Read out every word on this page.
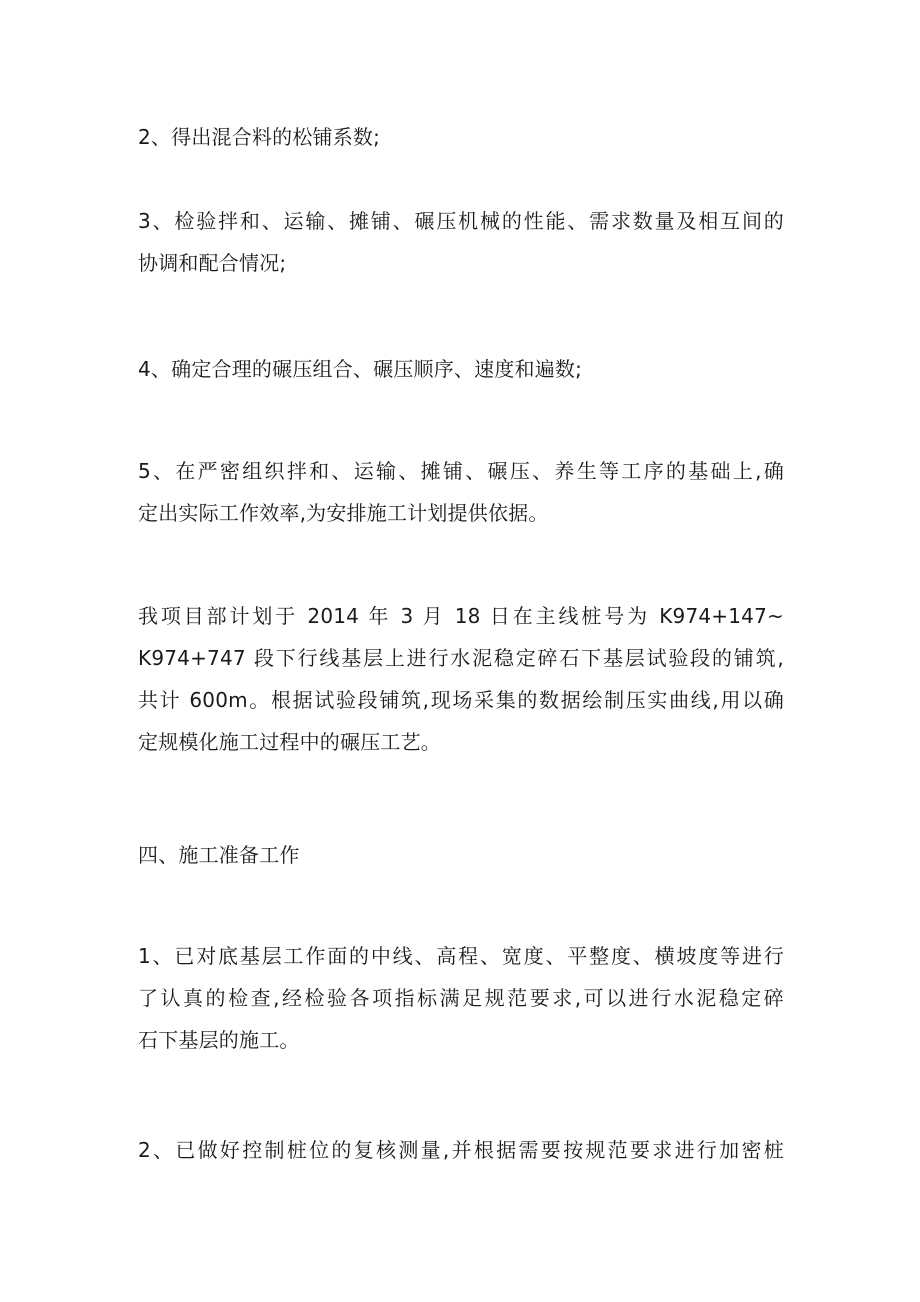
2、得出混合料的松铺系数;

3、检验拌和、运输、摊铺、碾压机械的性能、需求数量及相互间的
协调和配合情况;

4、确定合理的碾压组合、碾压顺序、速度和遍数;

5、在严密组织拌和、运输、摊铺、碾压、养生等工序的基础上,确
定出实际工作效率,为安排施工计划提供依据。

我项目部计划于 2014 年 3 月 18 日在主线桩号为 K974+147~
K974+747 段下行线基层上进行水泥稳定碎石下基层试验段的铺筑,
共计 600m。根据试验段铺筑,现场采集的数据绘制压实曲线,用以确
定规模化施工过程中的碾压工艺。

四、施工准备工作

1、已对底基层工作面的中线、高程、宽度、平整度、横坡度等进行
了认真的检查,经检验各项指标满足规范要求,可以进行水泥稳定碎
石下基层的施工。

2、已做好控制桩位的复核测量,并根据需要按规范要求进行加密桩
